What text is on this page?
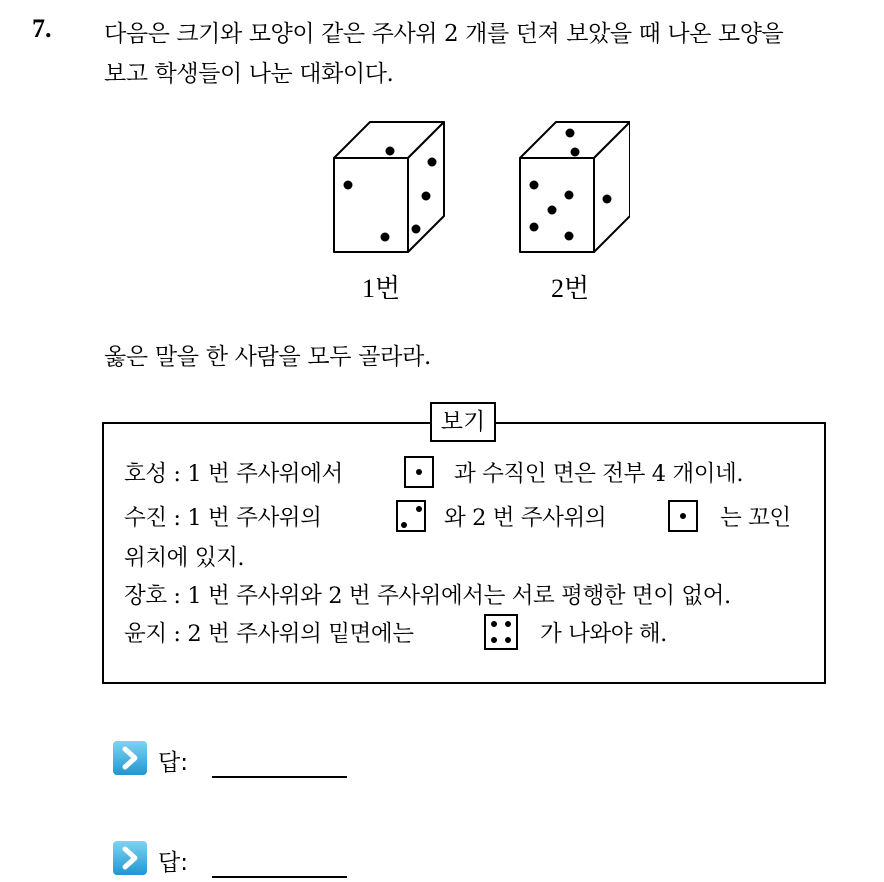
7. 다음은 크기와 모양이 같은 주사위 2 개를 던져 보았을 때 나온 모양을
보고 학생들이 나눈 대화이다.
1번	2번
옳은 말을 한 사람을 모두 골라라.
보기
호성 : 1 번 주사위에서	과 수직인 면은 전부 4 개이네.
수진 : 1 번 주사위의	와 2 번 주사위의	는 꼬인
위치에 있지.
장호 : 1 번 주사위와 2 번 주사위에서는 서로 평행한 면이 없어.
윤지 : 2 번 주사위의 밑면에는	가 나와야 해.
답:
답:
